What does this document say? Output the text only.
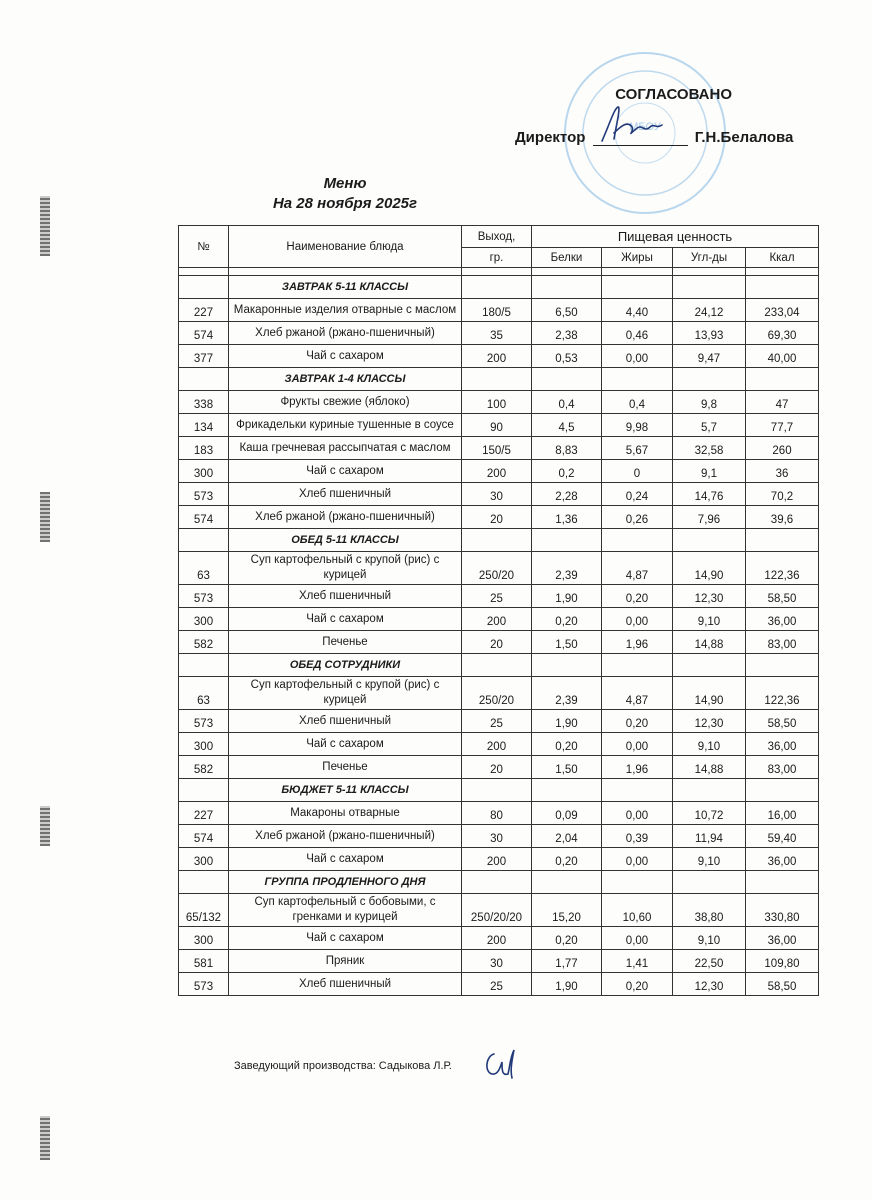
МБОУ
СОГЛАСОВАНО
Директор	Г.Н.Белалова
Меню
На 28 ноября 2025г
№	Наименование блюда	Выход,	Пищевая ценность			
		гр.	Белки	Жиры	Угл-ды	Ккал

	ЗАВТРАК 5-11 КЛАССЫ					
227	Макаронные изделия отварные с маслом	180/5	6,50	4,40	24,12	233,04
574	Хлеб ржаной (ржано-пшеничный)	35	2,38	0,46	13,93	69,30
377	Чай с сахаром	200	0,53	0,00	9,47	40,00
	ЗАВТРАК 1-4 КЛАССЫ					
338	Фрукты свежие (яблоко)	100	0,4	0,4	9,8	47
134	Фрикадельки куриные тушенные в соусе	90	4,5	9,98	5,7	77,7
183	Каша гречневая рассыпчатая с маслом	150/5	8,83	5,67	32,58	260
300	Чай с сахаром	200	0,2	0	9,1	36
573	Хлеб пшеничный	30	2,28	0,24	14,76	70,2
574	Хлеб ржаной (ржано-пшеничный)	20	1,36	0,26	7,96	39,6
	ОБЕД 5-11 КЛАССЫ					
63	Суп картофельный с крупой (рис) с курицей	250/20	2,39	4,87	14,90	122,36
573	Хлеб пшеничный	25	1,90	0,20	12,30	58,50
300	Чай с сахаром	200	0,20	0,00	9,10	36,00
582	Печенье	20	1,50	1,96	14,88	83,00
	ОБЕД СОТРУДНИКИ					
63	Суп картофельный с крупой (рис) с курицей	250/20	2,39	4,87	14,90	122,36
573	Хлеб пшеничный	25	1,90	0,20	12,30	58,50
300	Чай с сахаром	200	0,20	0,00	9,10	36,00
582	Печенье	20	1,50	1,96	14,88	83,00
	БЮДЖЕТ 5-11 КЛАССЫ					
227	Макароны отварные	80	0,09	0,00	10,72	16,00
574	Хлеб ржаной (ржано-пшеничный)	30	2,04	0,39	11,94	59,40
300	Чай с сахаром	200	0,20	0,00	9,10	36,00
	ГРУППА ПРОДЛЕННОГО ДНЯ					
65/132	Суп картофельный с бобовыми, с гренками и курицей	250/20/20	15,20	10,60	38,80	330,80
300	Чай с сахаром	200	0,20	0,00	9,10	36,00
581	Пряник	30	1,77	1,41	22,50	109,80
573	Хлеб пшеничный	25	1,90	0,20	12,30	58,50
Заведующий производства: Садыкова Л.Р.
